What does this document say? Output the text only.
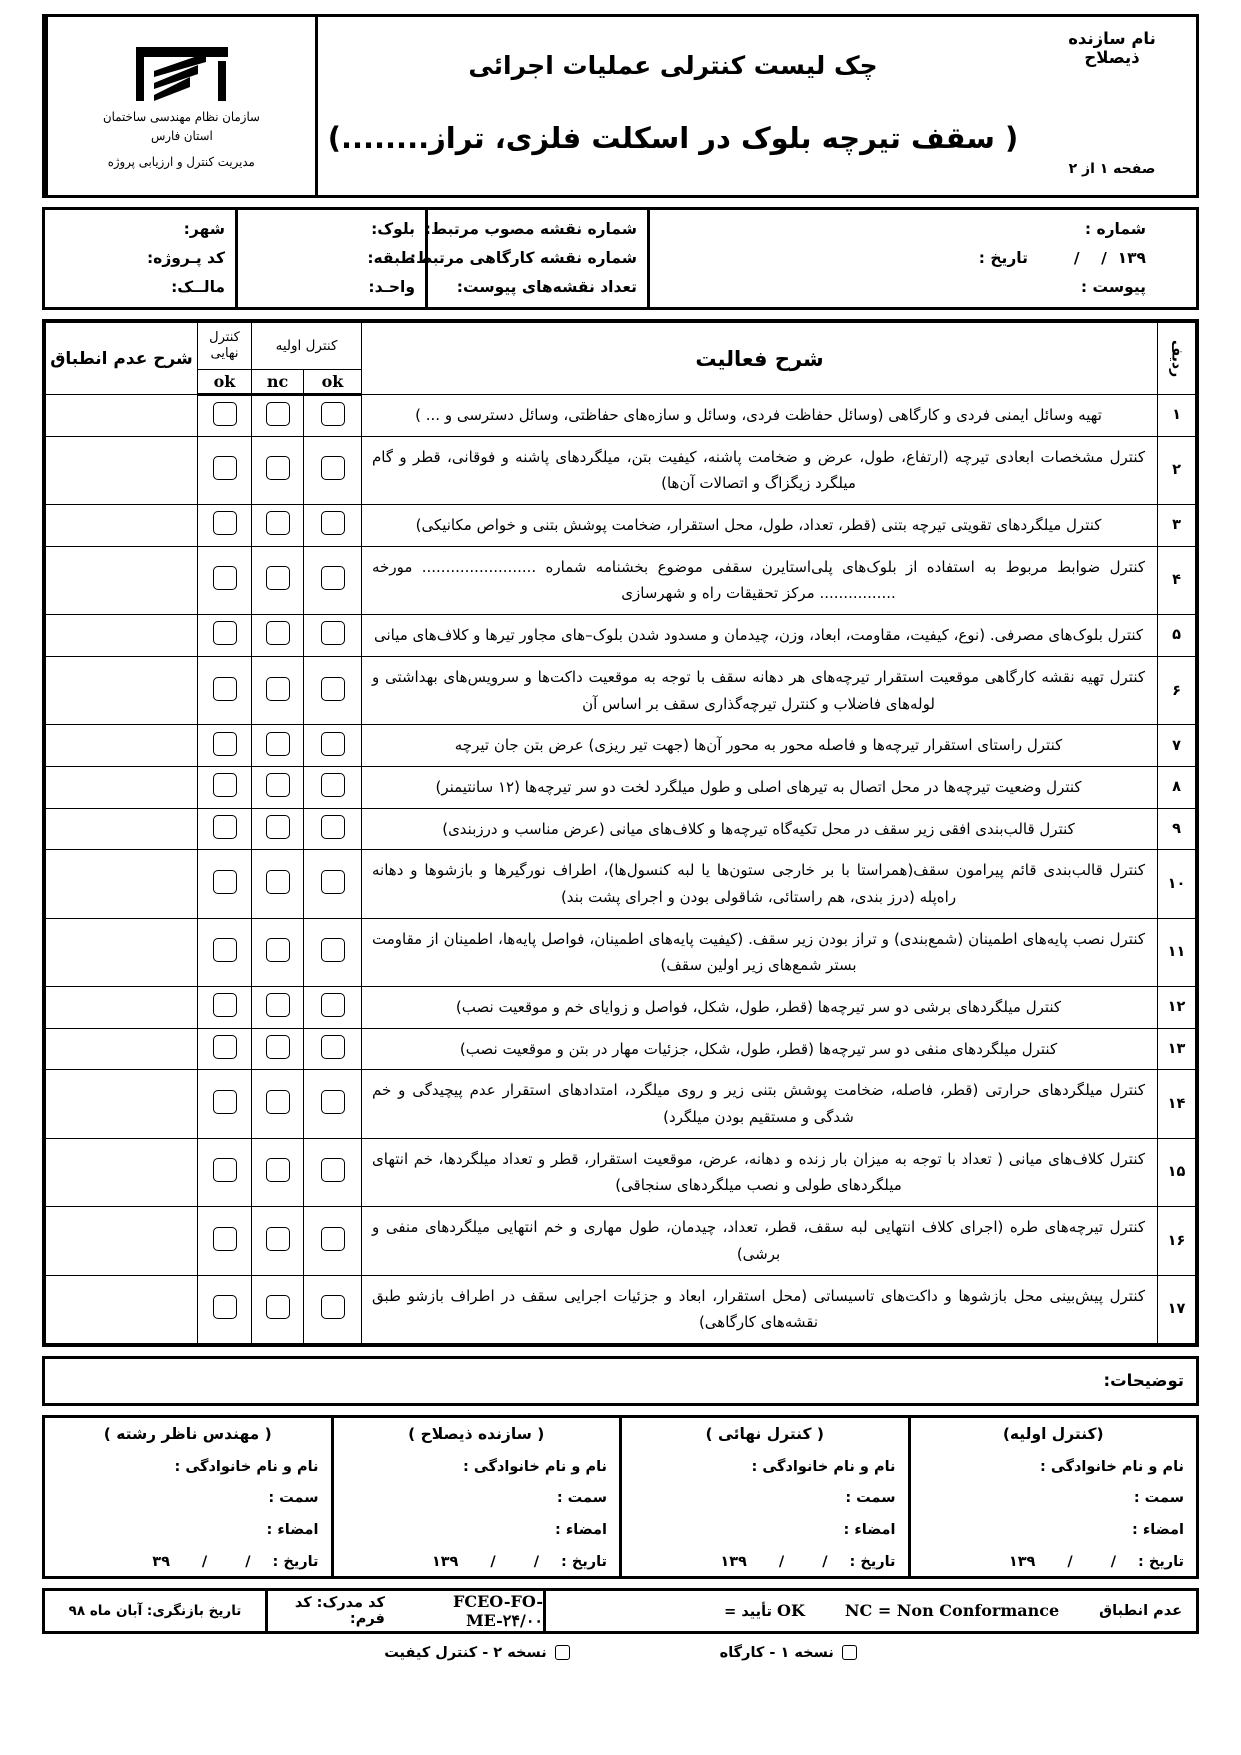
نام سازنده ذیصلاح
صفحه ۱ از ۲
چک لیست کنترلی عملیات اجرائی
( سقف تیرچه بلوک در اسکلت فلزی، تراز........)
سازمان نظام مهندسی ساختمان
استان فارس
مدیریت کنترل و ارزیابی پروژه
شماره :
۱۳۹  /    /
تاریخ :
پیوست :
شماره نقشه مصوب مرتبط:
شماره نقشه کارگاهی مرتبط:
تعداد نقشه‌های پیوست:
بلوک:
طبقه:
واحـد:
شهر:
کد پـروژه:
مالــک:
ردیف	شرح فعالیت	کنترل اولیه		کنترل
نهایی	شرح عدم انطباق
		ok	nc	ok	
۱	تهیه وسائل ایمنی فردی و کارگاهی (وسائل حفاظت فردی، وسائل و سازه‌های حفاظتی، وسائل دسترسی و ... )				
۲	کنترل مشخصات ابعادی تیرچه (ارتفاع، طول، عرض و ضخامت پاشنه، کیفیت بتن، میلگردهای پاشنه و فوقانی، قطر و گام میلگرد زیگزاگ و اتصالات آن‌ها)				
۳	کنترل میلگردهای تقویتی تیرچه بتنی (قطر، تعداد، طول، محل استقرار، ضخامت پوشش بتنی و خواص مکانیکی)				
۴	کنترل ضوابط مربوط به استفاده از بلوک‌های پلی‌استایرن سقفی موضوع بخشنامه شماره ........................ مورخه ................ مرکز تحقیقات راه و شهرسازی				
۵	کنترل بلوک‌های مصرفی. (نوع، کیفیت، مقاومت، ابعاد، وزن، چیدمان و مسدود شدن بلوک–های مجاور تیرها و کلاف‌های میانی				
۶	کنترل تهیه نقشه کارگاهی موقعیت استقرار تیرچه‌های هر دهانه سقف با توجه به موقعیت داکت‌ها و سرویس‌های بهداشتی و لوله‌های فاضلاب و کنترل تیرچه‌گذاری سقف بر اساس آن				
۷	کنترل راستای استقرار تیرچه‌ها و فاصله محور به محور آن‌ها (جهت تیر ریزی) عرض بتن جان تیرچه				
۸	کنترل وضعیت تیرچه‌ها در محل اتصال به تیرهای اصلی و طول میلگرد لخت دو سر تیرچه‌ها (۱۲ سانتیمنر)				
۹	کنترل قالب‌بندی افقی زیر سقف در محل تکیه‌گاه تیرچه‌ها و کلاف‌های میانی (عرض مناسب و درزبندی)				
۱۰	کنترل قالب‌بندی قائم پیرامون سقف(همراستا با بر خارجی ستون‌ها یا لبه کنسول‌ها)، اطراف نورگیرها و بازشوها و دهانه راه‌پله (درز بندی، هم راستائی، شاقولی بودن و اجرای پشت بند)				
۱۱	کنترل نصب پایه‌های اطمینان (شمع‌بندی) و تراز بودن زیر سقف. (کیفیت پایه‌های اطمینان، فواصل پایه‌ها، اطمینان از مقاومت بستر شمع‌های زیر اولین سقف)				
۱۲	کنترل میلگردهای برشی دو سر تیرچه‌ها (قطر، طول، شکل، فواصل و زوایای خم و موقعیت نصب)				
۱۳	کنترل میلگردهای منفی دو سر تیرچه‌ها (قطر، طول، شکل، جزئیات مهار در بتن و موقعیت نصب)				
۱۴	کنترل میلگردهای حرارتی (قطر، فاصله، ضخامت پوشش بتنی زیر و روی میلگرد، امتدادهای استقرار عدم پیچیدگی و خم شدگی و مستقیم بودن میلگرد)				
۱۵	کنترل کلاف‌های میانی ( تعداد با توجه به میزان بار زنده و دهانه، عرض، موقعیت استقرار، قطر و تعداد میلگردها، خم انتهای میلگردهای طولی و نصب میلگردهای سنجاقی)				
۱۶	کنترل تیرچه‌های طره (اجرای کلاف انتهایی لبه سقف، قطر، تعداد، چیدمان، طول مهاری و خم انتهایی میلگردهای منفی و برشی)				
۱۷	کنترل پیش‌بینی محل بازشوها و داکت‌های تاسیساتی (محل استقرار، ابعاد و جزئیات اجرایی سقف در اطراف بازشو طبق نقشه‌های کارگاهی)				
توضیحات:
(کنترل اولیه)
نام و نام خانوادگی :
سمت :
امضاء :
تاریخ :
/
/
۱۳۹
( کنترل نهائی )
نام و نام خانوادگی :
سمت :
امضاء :
تاریخ :
/
/
۱۳۹
( سازنده ذیصلاح )
نام و نام خانوادگی :
سمت :
امضاء :
تاریخ :
/
/
۱۳۹
( مهندس ناظر رشته )
نام و نام خانوادگی :
سمت :
امضاء :
تاریخ :
/
/
۳۹
عدم انطباق
NC = Non Conformance
OK تأیید =
FCEO-FO-ME-۲۴/۰۰
کد مدرک: کد فرم:
تاریخ بازنگری: آبان ماه ۹۸
نسخه ۱ - کارگاه
نسخه ۲ - کنترل کیفیت
